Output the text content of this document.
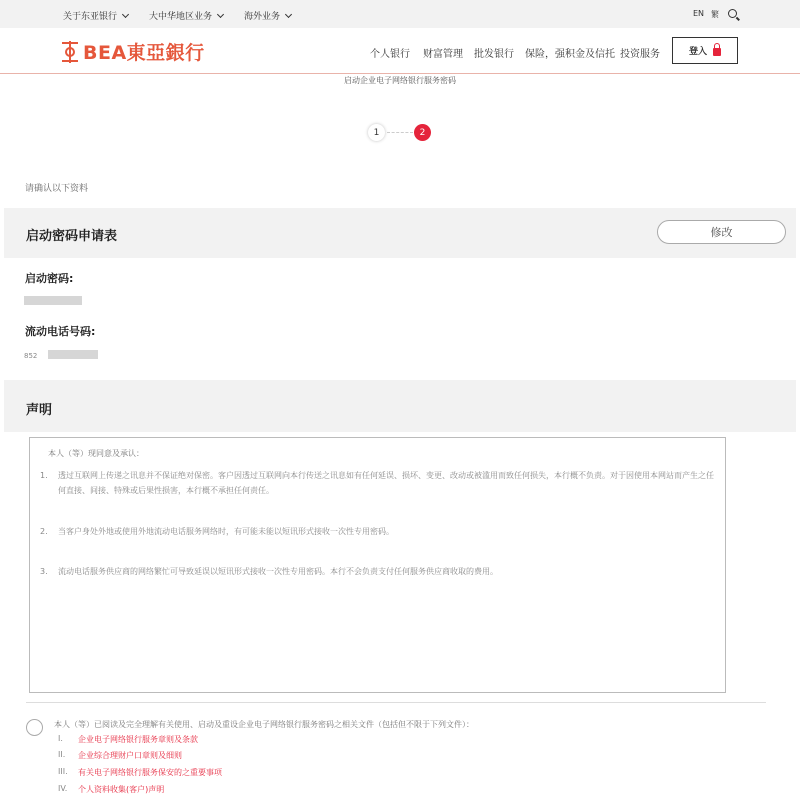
关于东亚银行	大中华地区业务	海外业务	EN 繁
BEA東亞銀行	个人银行 财富管理 批发银行 保险，强积金及信托 投资服务	登入
启动企业电子网络银行服务密码
1	2
请确认以下资料
启动密码申请表	修改
启动密码:
流动电话号码:
852
声明
本人（等）现同意及承认：
1. 透过互联网上传递之讯息并不保证绝对保密。客户因透过互联网向本行传送之讯息如有任何延误、损坏、变更、改动或被滥用而致任何损失，本行概不负责。对于因使用本网站而产生之任何直接、间接、特殊或后果性损害，本行概不承担任何责任。
2. 当客户身处外地或使用外地流动电话服务网络时，有可能未能以短讯形式接收一次性专用密码。
3. 流动电话服务供应商的网络繁忙可导致延误以短讯形式接收一次性专用密码。本行不会负责支付任何服务供应商收取的费用。
本人（等）已阅读及完全理解有关使用、启动及重设企业电子网络银行服务密码之相关文件（包括但不限于下列文件）：
I. 企业电子网络银行服务章则及条款
II. 企业综合理财户口章则及细则
III. 有关电子网络银行服务保安的之重要事项
IV. 个人资料收集(客户)声明
